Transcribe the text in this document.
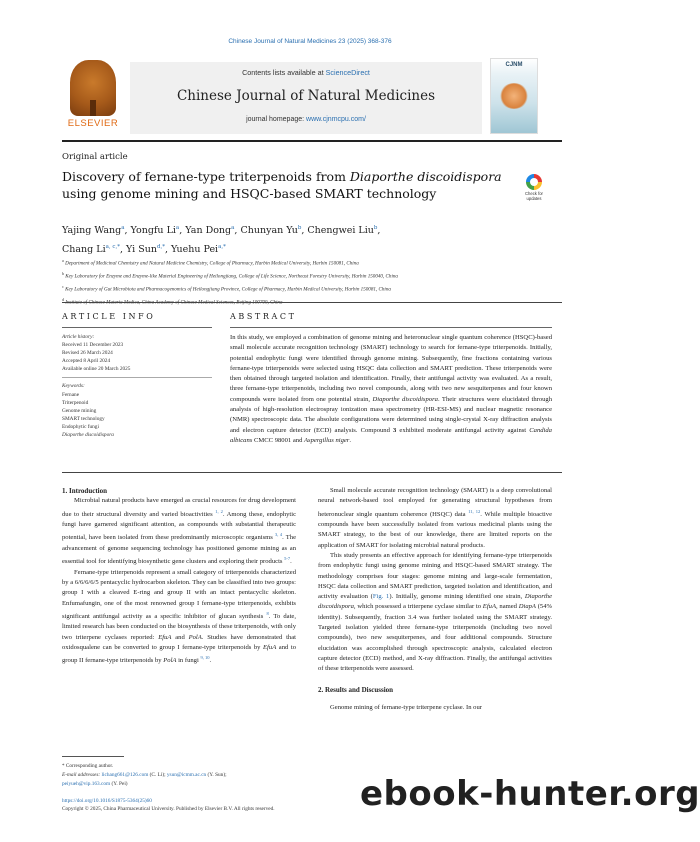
Chinese Journal of Natural Medicines 23 (2025) 368-376
ELSEVIER
Contents lists available at ScienceDirect
Chinese Journal of Natural Medicines
journal homepage: www.cjnmcpu.com/
CJNM
Original article
Discovery of fernane-type triterpenoids from Diaporthe discoidispora using genome mining and HSQC-based SMART technology	Check for updates
Yajing Wang$^a$, Yongfu Li$^a$, Yan Dong$^a$, Chunyan Yu$^b$, Chengwei Liu$^b$,
Chang $Li^{a, c,*}$, Yi Sun$^{d,*}$, Yuehu Pei$^{a,*}$
$^a$ Department of Medicinal Chemistry and Natural Medicine Chemistry, College of Pharmacy, Harbin Medical University, Harbin 150081, China
$^b$ Key Laboratory for Enzyme and Enzyme-like Material Engineering of Heilongjiang, College of Life Science, Northeast Forestry University, Harbin 150040, China
$^c$ Key Laboratory of Gut Microbiota and Pharmacogenomics of Heilongjiang Province, College of Pharmacy, Harbin Medical University, Harbin 150081, China
$^d$
ARTICLE INFO	ABSTRACT
Article history:
Received 11 December 2023
Revised 26 March 2024
Accepted 8 April 2024
Available online 20 March 2025
Keywords:
Fernane
Triterpenoid
Genome mining
SMART technology
Endophytic fungi
Diaporthe discoidispora
In this study, we employed a combination of genome mining and heteronuclear single quantum coherence (HSQC)-based small molecule accurate recognition technology (SMART) technology to search for fernane-type triterpenoids. Initially, potential endophytic fungi were identified through genome mining. Subsequently, fine fractions containing various fernane-type triterpenoids were selected using HSQC data collection and SMART prediction. These triterpenoids were then obtained through targeted isolation and identification. Finally, their antifungal activity was evaluated. As a result, three fernane-type triterpenoids, including two novel compounds, along with two new sesquiterpenes and four known compounds were isolated from one potential strain, Diaporthe discoidispora. Their structures were elucidated through analysis of high-resolution electrospray ionization mass spectrometry (HR-ESI-MS) and nuclear magnetic resonance (NMR) spectroscopic data. The absolute configurations were determined using single-crystal X-ray diffraction analysis and electron capture detector (ECD) analysis. Compound 3 exhibited moderate antifungal activity against Candida albicans CMCC 98001 and Aspergillus niger.

1. Introduction

Microbial natural products have emerged as crucial resources for drug development due to their structural diversity and varied bioactivities $^{1, 2}$. Among these, endophytic fungi have garnered significant attention, as compounds with substantial therapeutic potential, have been isolated from these predominantly microscopic organisms $^{3, 4}$. The advancement of genome sequencing technology has positioned genome mining as an essential tool for identifying biosynthetic gene clusters and exploring their products $^{5-7}$.

Fernane-type triterpenoids represent a small category of triterpenoids characterized by a 6/6/6/6/5 pentacyclic hydrocarbon skeleton. They can be classified into two groups: group I with a cleaved E-ring and group II with an intact pentacyclic skeleton. Enfumafungin, one of the most renowned group I fernane-type triterpenoids, exhibits significant antifungal activity as a specific inhibitor of glucan synthesis $^8$. To date, limited research has been conducted on the biosynthesis of these triterpenoids, with only two triterpene cyclases reported: EfuA and PolA. Studies have demonstrated that oxidosqualene can be converted to group I fernane-type triterpenoids by EfuA and to group II fernane-type triterpenoids by PolA in fungi $^{9, 10}$.

Small molecule accurate recognition technology (SMART) is a deep convolutional neural network-based tool employed for generating structural hypotheses from heteronuclear single quantum coherence (HSQC) data $^{11, 12}$. While multiple bioactive compounds have been successfully isolated from various medicinal plants using the SMART strategy, to the best of our knowledge, there are limited reports on the application of SMART for isolating microbial natural products.

This study presents an effective approach for identifying fernane-type triterpenoids from endophytic fungi using genome mining and HSQC-based SMART strategy. The methodology comprises four stages: genome mining and large-scale fermentation, HSQC data collection and SMART prediction, targeted isolation and identification, and activity evaluation (Fig. 1). Initially, genome mining identified one strain, Diaporthe discoidispora, which possessed a triterpene cyclase similar to EfuA, named DiapA (54% identity). Subsequently, fraction 3.4 was further isolated using the SMART strategy. Targeted isolation yielded three fernane-type triterpenoids (including two novel compounds), two new sesquiterpenes, and four additional compounds. Structure elucidation was accomplished through spectroscopic analysis, calculated electron capture detector (ECD) method, and X-ray diffraction. Finally, the antifungal activities of these triterpenoids were assessed.

2. Results and Discussion

Genome mining of fernane-type triterpene cyclase. In our

* Corresponding author.
E-mail addresses: lichang661@126.com (C. Li); ysun@icmm.ac.cn (Y. Sun);
peiyueh@vip.163.com (Y. Pei)
https://doi.org/10.1016/S1875-5364(25)60
Copyright © 2025, China Pharmaceutical University. Published by Elsevier B.V. All rights reserved.	ebook-hunter.org
